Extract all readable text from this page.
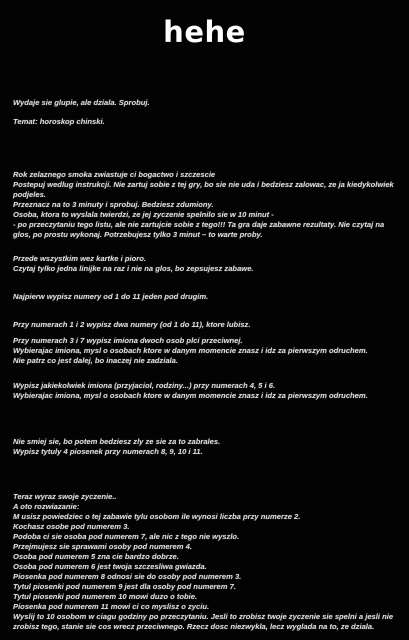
hehe
Wydaje sie glupie, ale dziala. Sprobuj.
Temat: horoskop chinski.
Rok zelaznego smoka zwiastuje ci bogactwo i szczescie
Postepuj wedlug instrukcji. Nie zartuj sobie z tej gry, bo sie nie uda i bedziesz zalowac, ze ja kiedykolwiek podjeles.
Przeznacz na to 3 minuty i sprobuj. Bedziesz zdumiony.
Osoba, ktora to wyslala twierdzi, ze jej zyczenie spelnilo sie w 10 minut -
- po przeczytaniu tego listu, ale nie zartujcie sobie z tego!!! Ta gra daje zabawne rezultaty. Nie czytaj na glos, po prostu wykonaj. Potrzebujesz tylko 3 minut – to warte proby.
Przede wszystkim wez kartke i pioro.
Czytaj tylko jedna linijke na raz i nie na glos, bo zepsujesz zabawe.
Najpierw wypisz numery od 1 do 11 jeden pod drugim.
Przy numerach 1 i 2 wypisz dwa numery (od 1 do 11), ktore lubisz.
Przy numerach 3 i 7 wypisz imiona dwoch osob plci przeciwnej.
Wybierajac imiona, mysl o osobach ktore w danym momencie znasz i idz za pierwszym odruchem.
Nie patrz co jest dalej, bo inaczej nie zadziala.
Wypisz jakiekolwiek imiona (przyjaciol, rodziny...) przy numerach 4, 5 i 6.
Wybierajac imiona, mysl o osobach ktore w danym momencie znasz i idz za pierwszym odruchem.
Nie smiej sie, bo potem bedziesz zly ze sie za to zabrales.
Wypisz tytuly 4 piosenek przy numerach 8, 9, 10 i 11.
Teraz wyraz swoje zyczenie..
A oto rozwiazanie:
M usisz powiedziec o tej zabawie tylu osobom ile wynosi liczba przy numerze 2.
Kochasz osobe pod numerem 3.
Podoba ci sie osoba pod numerem 7, ale nic z tego nie wyszlo.
Przejmujesz sie sprawami osoby pod numerem 4.
Osoba pod numerem 5 zna cie bardzo dobrze.
Osoba pod numerem 6 jest twoja szczesliwa gwiazda.
Piosenka pod numerem 8 odnosi sie do osoby pod numerem 3.
Tytul piosenki pod numerem 9 jest dla osoby pod numerem 7.
Tytul piosenki pod numerem 10 mowi duzo o tobie.
Piosenka pod numerem 11 mowi ci co myslisz o zyciu.
Wyslij to 10 osobom w ciagu godziny po przeczytaniu. Jesli to zrobisz twoje zyczenie sie spelni a jesli nie zrobisz tego, stanie sie cos wrecz przeciwnego. Rzecz dosc niezwykla, lecz wyglada na to, ze dziala.
